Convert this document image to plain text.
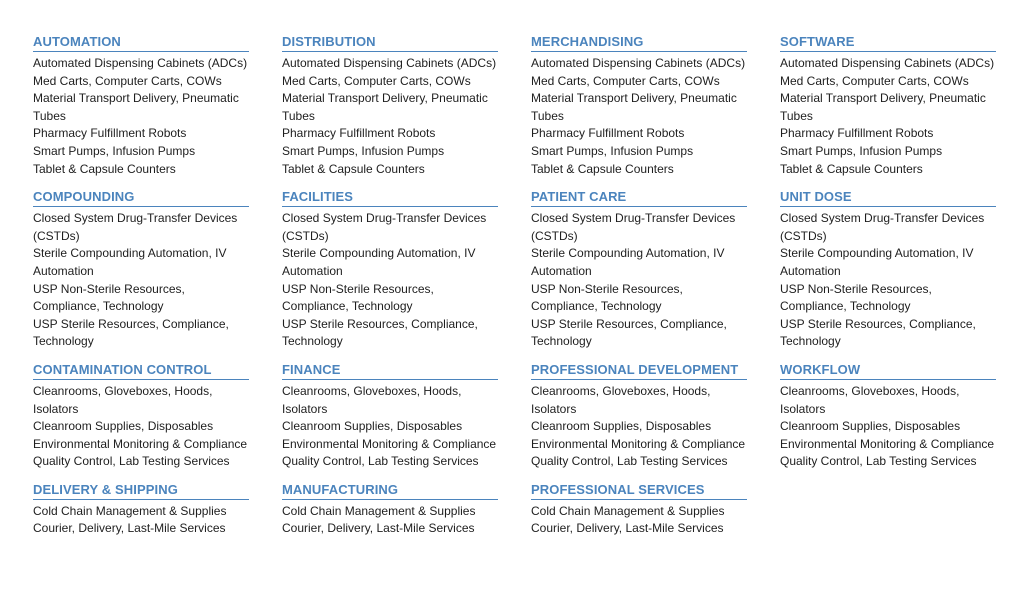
AUTOMATION
Automated Dispensing Cabinets (ADCs)
Med Carts, Computer Carts, COWs
Material Transport Delivery, Pneumatic Tubes
Pharmacy Fulfillment Robots
Smart Pumps, Infusion Pumps
Tablet & Capsule Counters
COMPOUNDING
Closed System Drug-Transfer Devices (CSTDs)
Sterile Compounding Automation, IV Automation
USP Non-Sterile Resources, Compliance, Technology
USP Sterile Resources, Compliance, Technology
CONTAMINATION CONTROL
Cleanrooms, Gloveboxes, Hoods, Isolators
Cleanroom Supplies, Disposables
Environmental Monitoring & Compliance
Quality Control, Lab Testing Services
DELIVERY & SHIPPING
Cold Chain Management & Supplies
Courier, Delivery, Last-Mile Services
DISTRIBUTION
Automated Dispensing Cabinets (ADCs)
Med Carts, Computer Carts, COWs
Material Transport Delivery, Pneumatic Tubes
Pharmacy Fulfillment Robots
Smart Pumps, Infusion Pumps
Tablet & Capsule Counters
FACILITIES
Closed System Drug-Transfer Devices (CSTDs)
Sterile Compounding Automation, IV Automation
USP Non-Sterile Resources, Compliance, Technology
USP Sterile Resources, Compliance, Technology
FINANCE
Cleanrooms, Gloveboxes, Hoods, Isolators
Cleanroom Supplies, Disposables
Environmental Monitoring & Compliance
Quality Control, Lab Testing Services
MANUFACTURING
Cold Chain Management & Supplies
Courier, Delivery, Last-Mile Services
MERCHANDISING
Automated Dispensing Cabinets (ADCs)
Med Carts, Computer Carts, COWs
Material Transport Delivery, Pneumatic Tubes
Pharmacy Fulfillment Robots
Smart Pumps, Infusion Pumps
Tablet & Capsule Counters
PATIENT CARE
Closed System Drug-Transfer Devices (CSTDs)
Sterile Compounding Automation, IV Automation
USP Non-Sterile Resources, Compliance, Technology
USP Sterile Resources, Compliance, Technology
PROFESSIONAL DEVELOPMENT
Cleanrooms, Gloveboxes, Hoods, Isolators
Cleanroom Supplies, Disposables
Environmental Monitoring & Compliance
Quality Control, Lab Testing Services
PROFESSIONAL SERVICES
Cold Chain Management & Supplies
Courier, Delivery, Last-Mile Services
SOFTWARE
Automated Dispensing Cabinets (ADCs)
Med Carts, Computer Carts, COWs
Material Transport Delivery, Pneumatic Tubes
Pharmacy Fulfillment Robots
Smart Pumps, Infusion Pumps
Tablet & Capsule Counters
UNIT DOSE
Closed System Drug-Transfer Devices (CSTDs)
Sterile Compounding Automation, IV Automation
USP Non-Sterile Resources, Compliance, Technology
USP Sterile Resources, Compliance, Technology
WORKFLOW
Cleanrooms, Gloveboxes, Hoods, Isolators
Cleanroom Supplies, Disposables
Environmental Monitoring & Compliance
Quality Control, Lab Testing Services
